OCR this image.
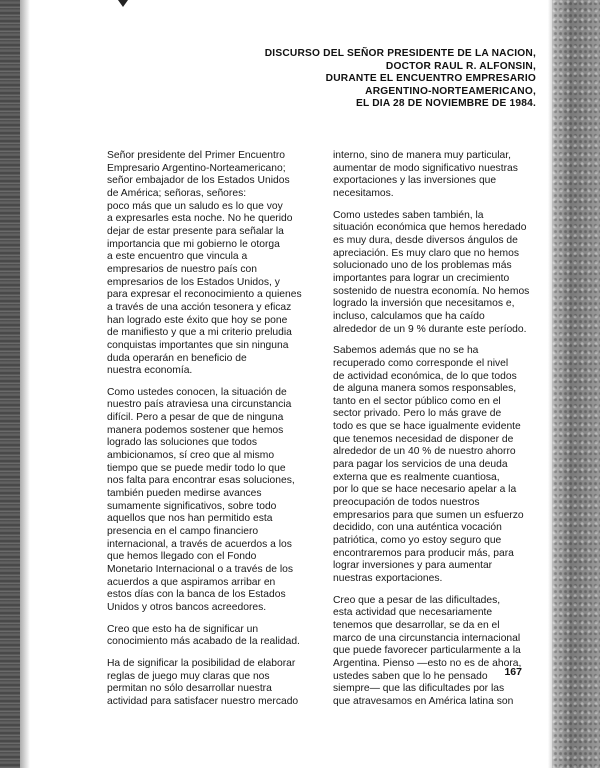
DISCURSO DEL SEÑOR PRESIDENTE DE LA NACION,
DOCTOR RAUL R. ALFONSIN,
DURANTE EL ENCUENTRO EMPRESARIO
ARGENTINO-NORTEAMERICANO,
EL DIA 28 DE NOVIEMBRE DE 1984.
Señor presidente del Primer Encuentro
Empresario Argentino-Norteamericano;
señor embajador de los Estados Unidos
de América; señoras, señores:
poco más que un saludo es lo que voy
a expresarles esta noche. No he querido
dejar de estar presente para señalar la
importancia que mi gobierno le otorga
a este encuentro que vincula a
empresarios de nuestro país con
empresarios de los Estados Unidos, y
para expresar el reconocimiento a quienes
a través de una acción tesonera y eficaz
han logrado este éxito que hoy se pone
de manifiesto y que a mi criterio preludia
conquistas importantes que sin ninguna
duda operarán en beneficio de
nuestra economía.
Como ustedes conocen, la situación de
nuestro país atraviesa una circunstancia
difícil. Pero a pesar de que de ninguna
manera podemos sostener que hemos
logrado las soluciones que todos
ambicionamos, sí creo que al mismo
tiempo que se puede medir todo lo que
nos falta para encontrar esas soluciones,
también pueden medirse avances
sumamente significativos, sobre todo
aquellos que nos han permitido esta
presencia en el campo financiero
internacional, a través de acuerdos a los
que hemos llegado con el Fondo
Monetario Internacional o a través de los
acuerdos a que aspiramos arribar en
estos días con la banca de los Estados
Unidos y otros bancos acreedores.
Creo que esto ha de significar un
conocimiento más acabado de la realidad.
Ha de significar la posibilidad de elaborar
reglas de juego muy claras que nos
permitan no sólo desarrollar nuestra
actividad para satisfacer nuestro mercado
interno, sino de manera muy particular,
aumentar de modo significativo nuestras
exportaciones y las inversiones que
necesitamos.
Como ustedes saben también, la
situación económica que hemos heredado
es muy dura, desde diversos ángulos de
apreciación. Es muy claro que no hemos
solucionado uno de los problemas más
importantes para lograr un crecimiento
sostenido de nuestra economía. No hemos
logrado la inversión que necesitamos e,
incluso, calculamos que ha caído
alrededor de un 9 % durante este período.
Sabemos además que no se ha
recuperado como corresponde el nivel
de actividad económica, de lo que todos
de alguna manera somos responsables,
tanto en el sector público como en el
sector privado. Pero lo más grave de
todo es que se hace igualmente evidente
que tenemos necesidad de disponer de
alrededor de un 40 % de nuestro ahorro
para pagar los servicios de una deuda
externa que es realmente cuantiosa,
por lo que se hace necesario apelar a la
preocupación de todos nuestros
empresarios para que sumen un esfuerzo
decidido, con una auténtica vocación
patriótica, como yo estoy seguro que
encontraremos para producir más, para
lograr inversiones y para aumentar
nuestras exportaciones.
Creo que a pesar de las dificultades,
esta actividad que necesariamente
tenemos que desarrollar, se da en el
marco de una circunstancia internacional
que puede favorecer particularmente a la
Argentina. Pienso —esto no es de ahora,
ustedes saben que lo he pensado
siempre— que las dificultades por las
que atravesamos en América latina son
167
